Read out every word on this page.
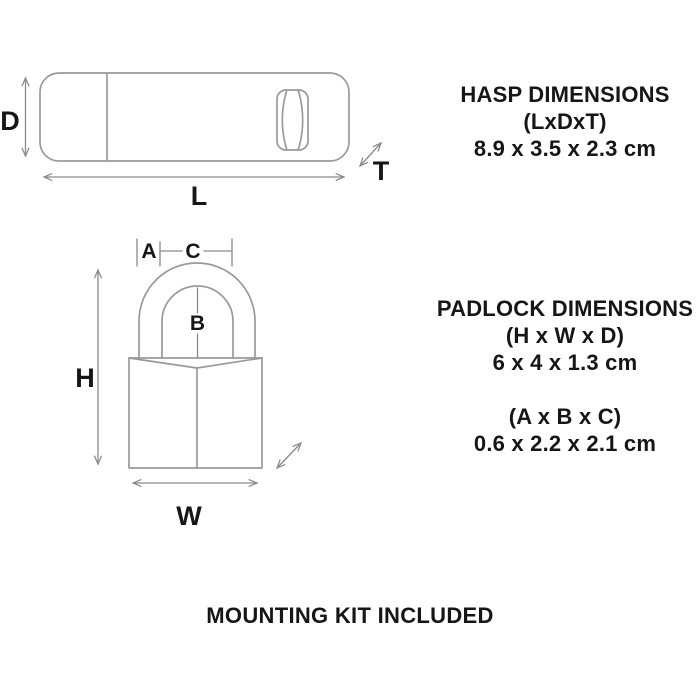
D
L
T
A C
B
H
W
HASP DIMENSIONS
(LxDxT)
8.9 x 3.5 x 2.3 cm
PADLOCK DIMENSIONS
(H x W x D)
6 x 4 x 1.3 cm
(A x B x C)
0.6 x 2.2 x 2.1 cm
MOUNTING KIT INCLUDED
